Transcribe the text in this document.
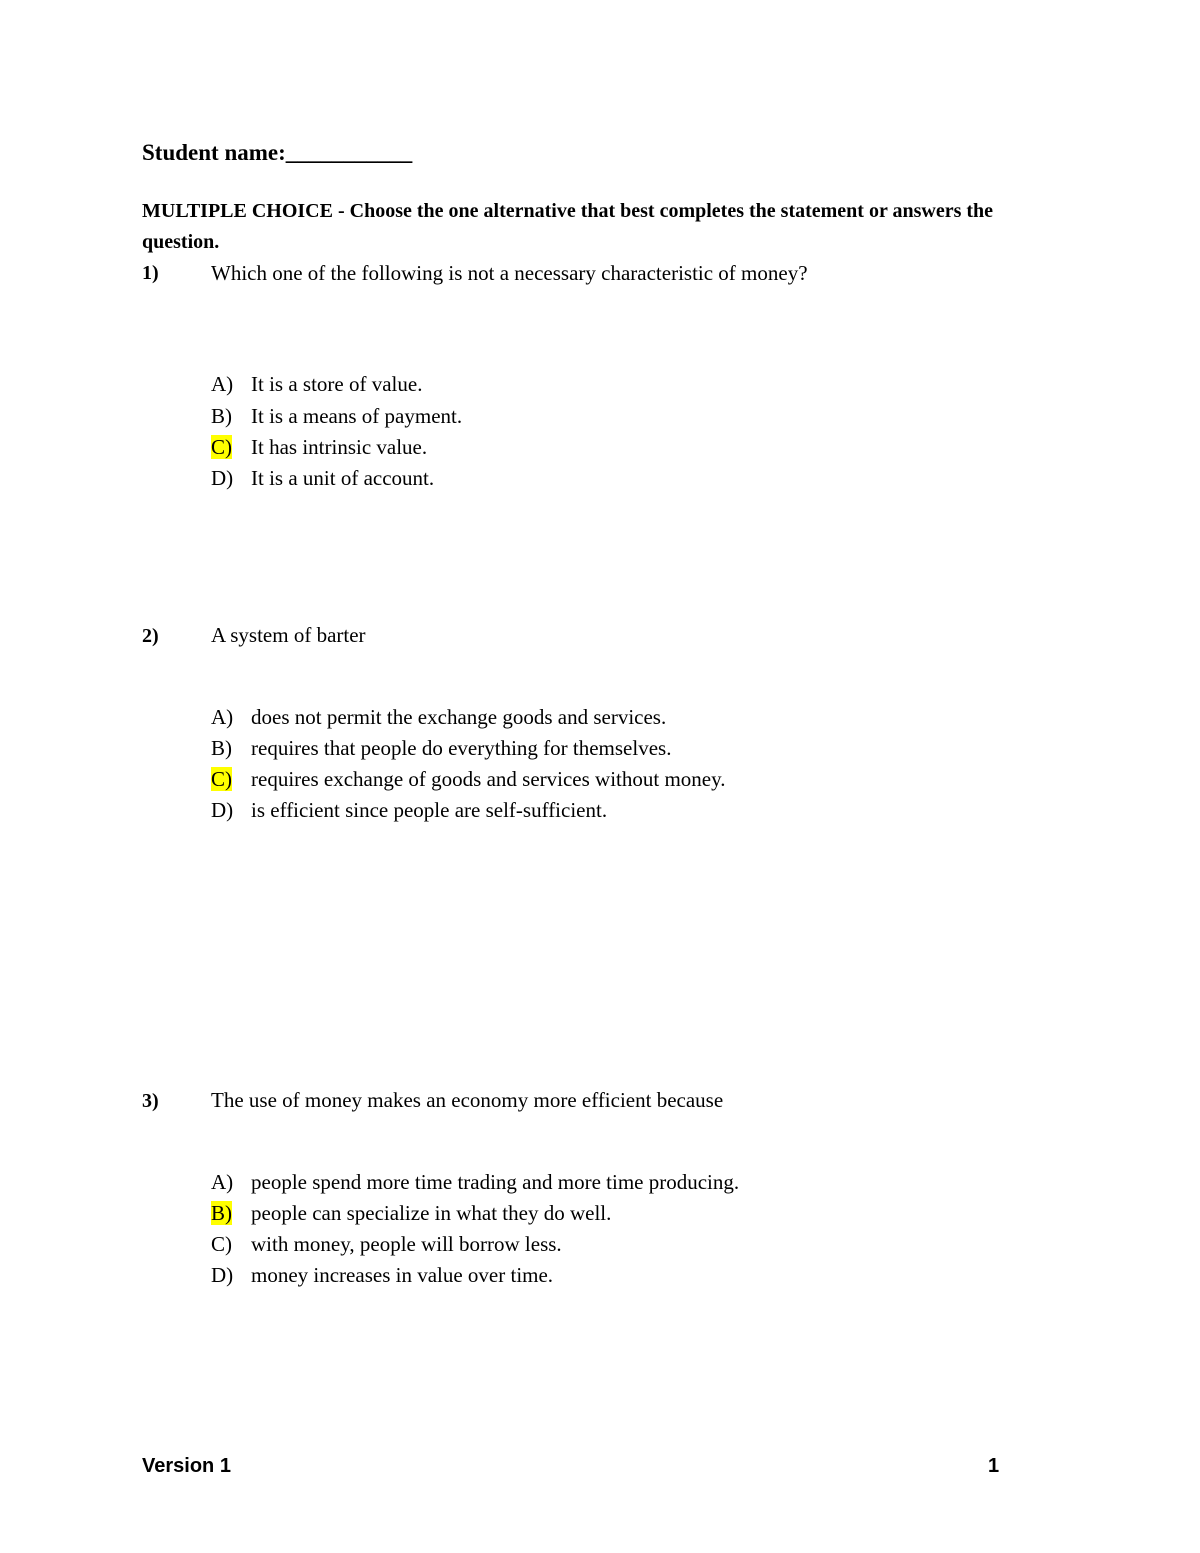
Student name:___________
MULTIPLE CHOICE - Choose the one alternative that best completes the statement or answers the question.
1) Which one of the following is not a necessary characteristic of money?
A) It is a store of value.
B) It is a means of payment.
C) It has intrinsic value.
D) It is a unit of account.
2) A system of barter
A) does not permit the exchange goods and services.
B) requires that people do everything for themselves.
C) requires exchange of goods and services without money.
D) is efficient since people are self-sufficient.
3) The use of money makes an economy more efficient because
A) people spend more time trading and more time producing.
B) people can specialize in what they do well.
C) with money, people will borrow less.
D) money increases in value over time.
Version 1	1
